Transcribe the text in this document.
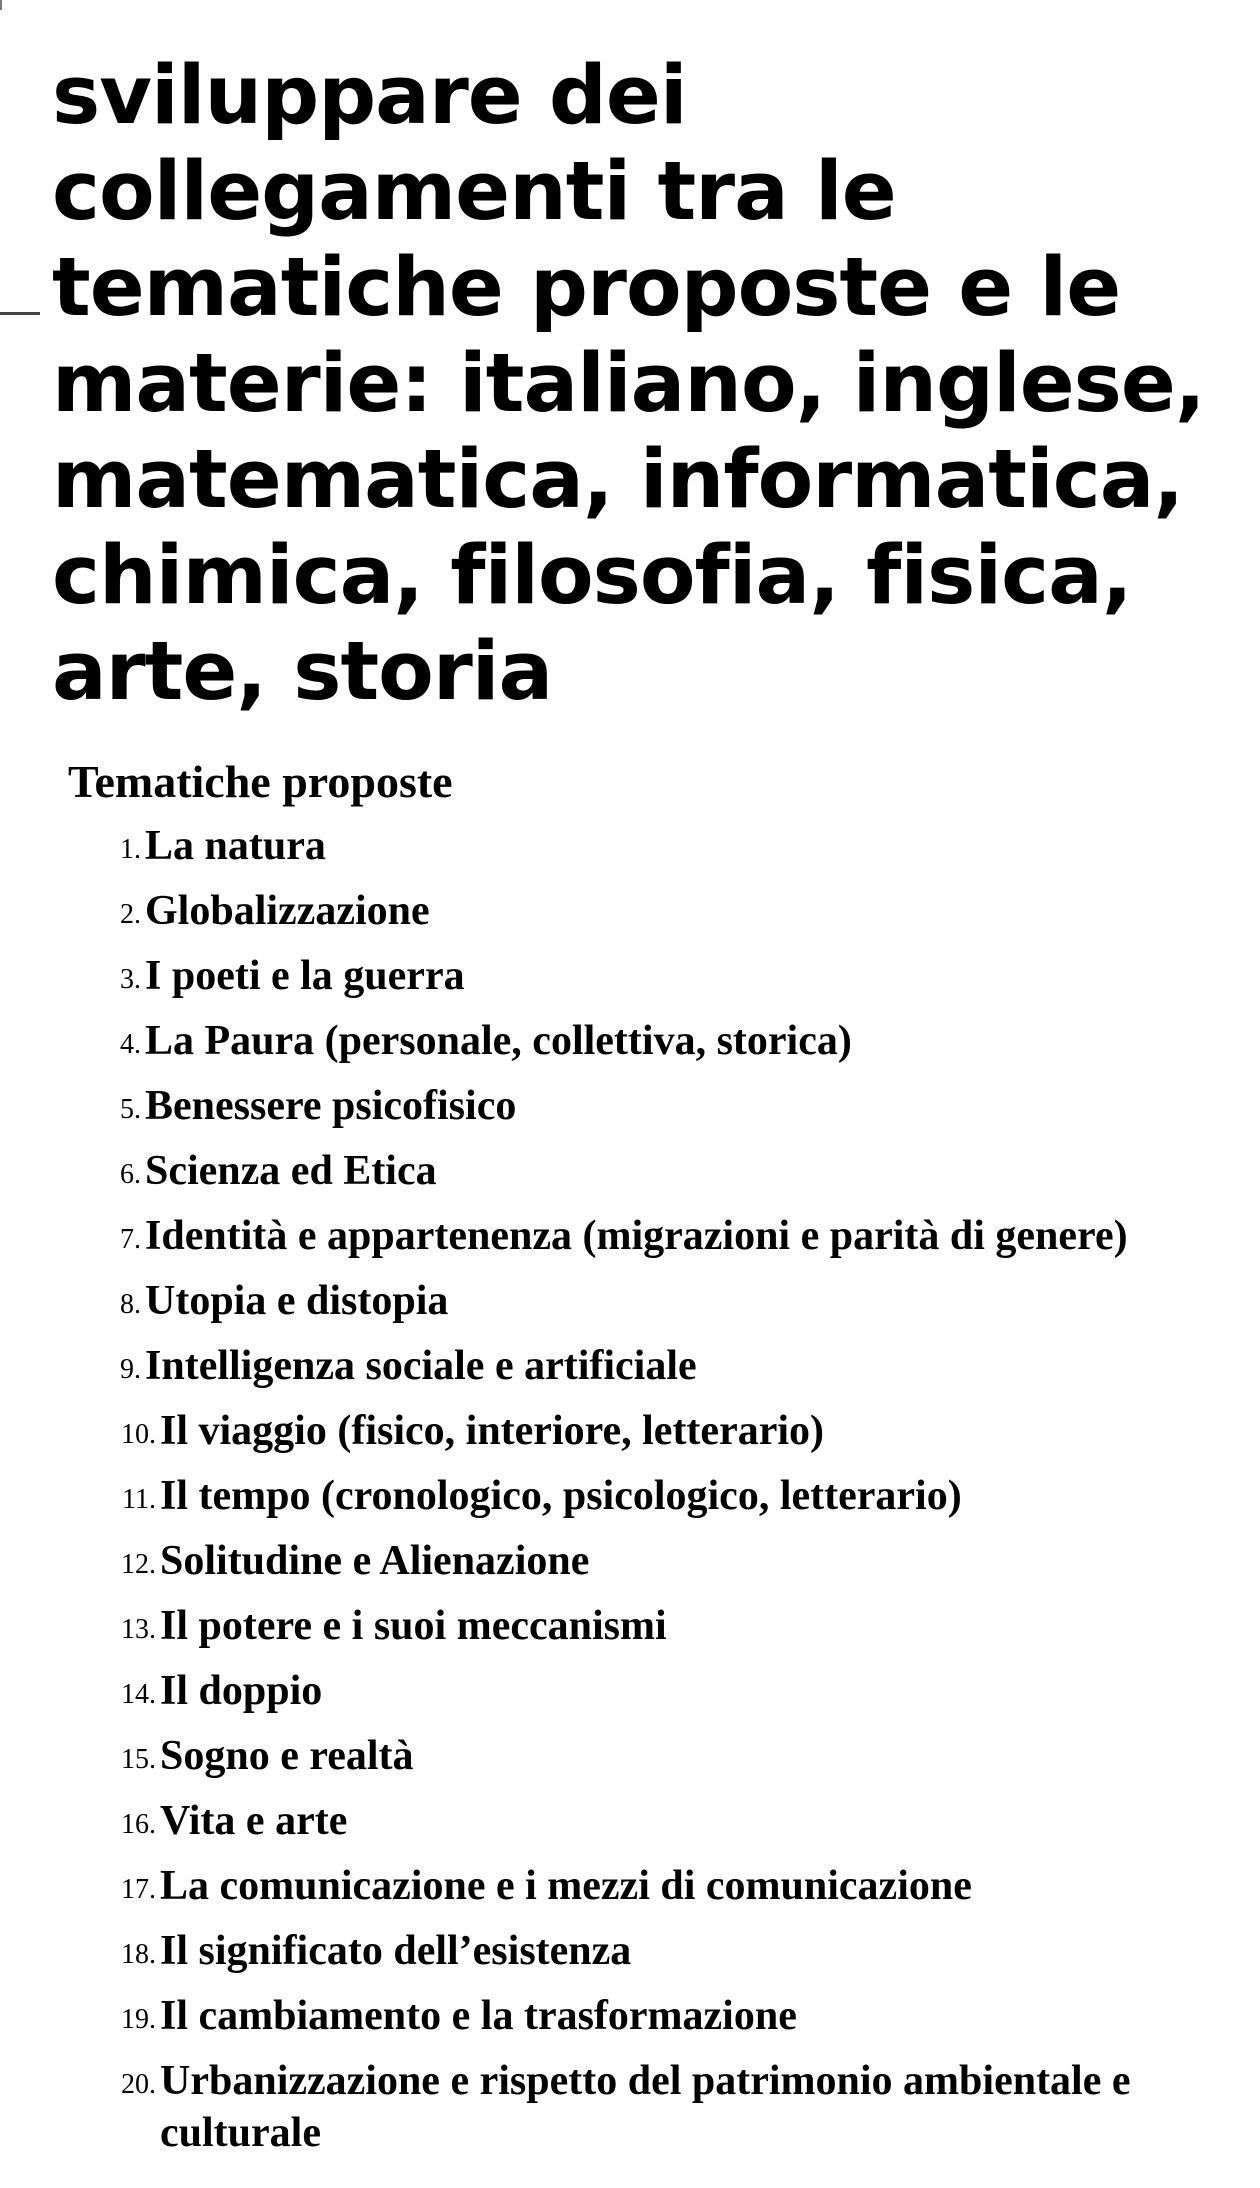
sviluppare dei collegamenti tra le tematiche proposte e le materie: italiano, inglese, matematica, informatica, chimica, filosofia, fisica, arte, storia
Tematiche proposte
1. La natura
2. Globalizzazione
3. I poeti e la guerra
4. La Paura (personale, collettiva, storica)
5. Benessere psicofisico
6. Scienza ed Etica
7. Identità e appartenenza (migrazioni e parità di genere)
8. Utopia e distopia
9. Intelligenza sociale e artificiale
10. Il viaggio (fisico, interiore, letterario)
11. Il tempo (cronologico, psicologico, letterario)
12. Solitudine e Alienazione
13. Il potere e i suoi meccanismi
14. Il doppio
15. Sogno e realtà
16. Vita e arte
17. La comunicazione e i mezzi di comunicazione
18. Il significato dell’esistenza
19. Il cambiamento e la trasformazione
20. Urbanizzazione e rispetto del patrimonio ambientale e culturale
